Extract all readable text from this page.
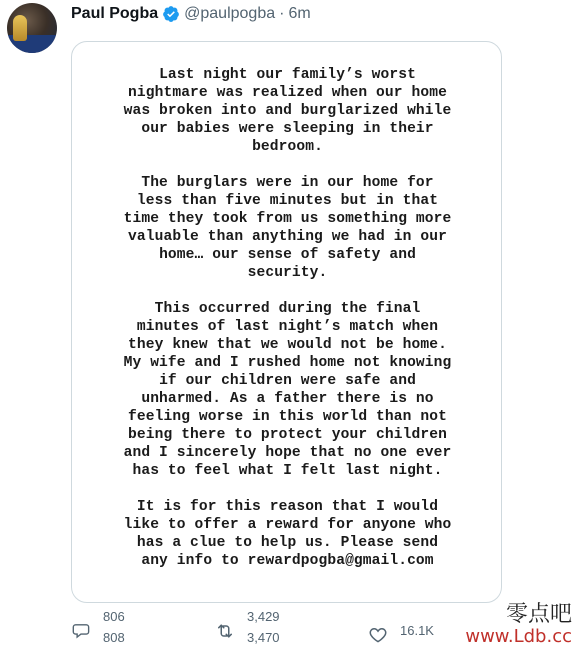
Paul Pogba @paulpogba · 6m
Last night our family’s worst
nightmare was realized when our home
was broken into and burglarized while
our babies were sleeping in their
bedroom.
The burglars were in our home for
less than five minutes but in that
time they took from us something more
valuable than anything we had in our
home… our sense of safety and
security.
This occurred during the final
minutes of last night’s match when
they knew that we would not be home.
My wife and I rushed home not knowing
if our children were safe and
unharmed. As a father there is no
feeling worse in this world than not
being there to protect your children
and I sincerely hope that no one ever
has to feel what I felt last night.
It is for this reason that I would
like to offer a reward for anyone who
has a clue to help us. Please send
any info to rewardpogba@gmail.com
806
808
3,429
3,470	16.1K
零点吧
www.Ldb.cc
